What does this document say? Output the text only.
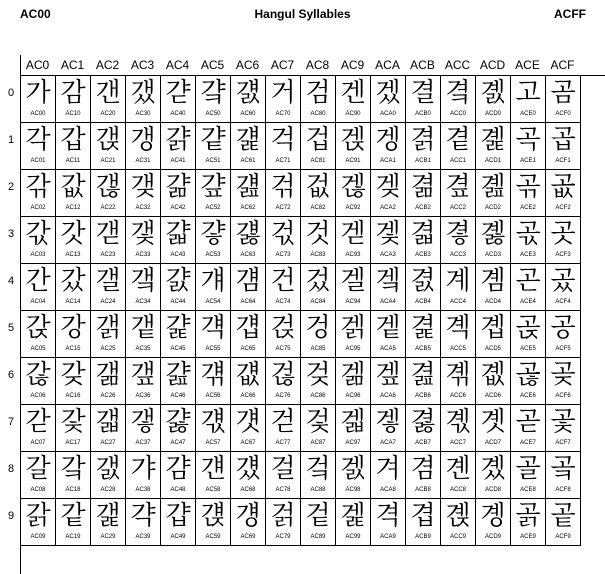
AC00	Hangul Syllables	ACFF
AC0 AC1 AC2 AC3 AC4 AC5 AC6 AC7 AC8 AC9 ACA ACB ACC ACD ACE ACF
가
AC00
감
AC10
갠
AC20
갰
AC30
갿
AC40
걐
AC50
걠
AC60
거
AC70
검
AC80
겐
AC90
겠
ACA0
결
ACB0
곀
ACC0
곐
ACD0
고
ACE0
곰
ACF0
각
AC01
갑
AC11
갡
AC21
갱
AC31
걁
AC41
걑
AC51
걡
AC61
걱
AC71
겁
AC81
겑
AC91
겡
ACA1
겱
ACB1
곁
ACC1
곑
ACD1
곡
ACE1
곱
ACF1
갂
AC02
값
AC12
갢
AC22
갲
AC32
걂
AC42
걒
AC52
걢
AC62
걲
AC72
겂
AC82
겒
AC92
겢
ACA2
겲
ACB2
곂
ACC2
곒
ACD2
곢
ACE2
곲
ACF2
갃
AC03
갓
AC13
갣
AC23
갳
AC33
걃
AC43
걓
AC53
걣
AC63
걳
AC73
것
AC83
겓
AC93
겣
ACA3
겳
ACB3
곃
ACC3
곓
ACD3
곣
ACE3
곳
ACF3
간
AC04
갔
AC14
갤
AC24
갴
AC34
걄
AC44
걔
AC54
걤
AC64
건
AC74
겄
AC84
겔
AC94
겤
ACA4
겴
ACB4
계
ACC4
곔
ACD4
곤
ACE4
곴
ACF4
갅
AC05
강
AC15
갥
AC25
갵
AC35
걅
AC45
걕
AC55
걥
AC65
걵
AC75
겅
AC85
겕
AC95
겥
ACA5
겵
ACB5
곅
ACC5
곕
ACD5
곥
ACE5
공
ACF5
갆
AC06
갖
AC16
갦
AC26
갶
AC36
걆
AC46
걖
AC56
걦
AC66
걶
AC76
겆
AC86
겖
AC96
겦
ACA6
겶
ACB6
곆
ACC6
곖
ACD6
곦
ACE6
곶
ACF6
갇
AC07
갗
AC17
갧
AC27
갷
AC37
걇
AC47
걗
AC57
걧
AC67
걷
AC77
겇
AC87
겗
AC97
겧
ACA7
겷
ACB7
곇
ACC7
곗
ACD7
곧
ACE7
곷
ACF7
갈
AC08
갘
AC18
갨
AC28
갸
AC38
걈
AC48
걘
AC58
걨
AC68
걸
AC78
겈
AC88
겘
AC98
겨
ACA8
겸
ACB8
곈
ACC8
곘
ACD8
골
ACE8
곸
ACF8
갉
AC09
같
AC19
갩
AC29
갹
AC39
걉
AC49
걙
AC59
걩
AC69
걹
AC79
겉
AC89
겙
AC99
격
ACA9
겹
ACB9
곉
ACC9
곙
ACD9
곩
ACE9
곹
ACF9
0
1
2
3
4
5
6
7
8
9
